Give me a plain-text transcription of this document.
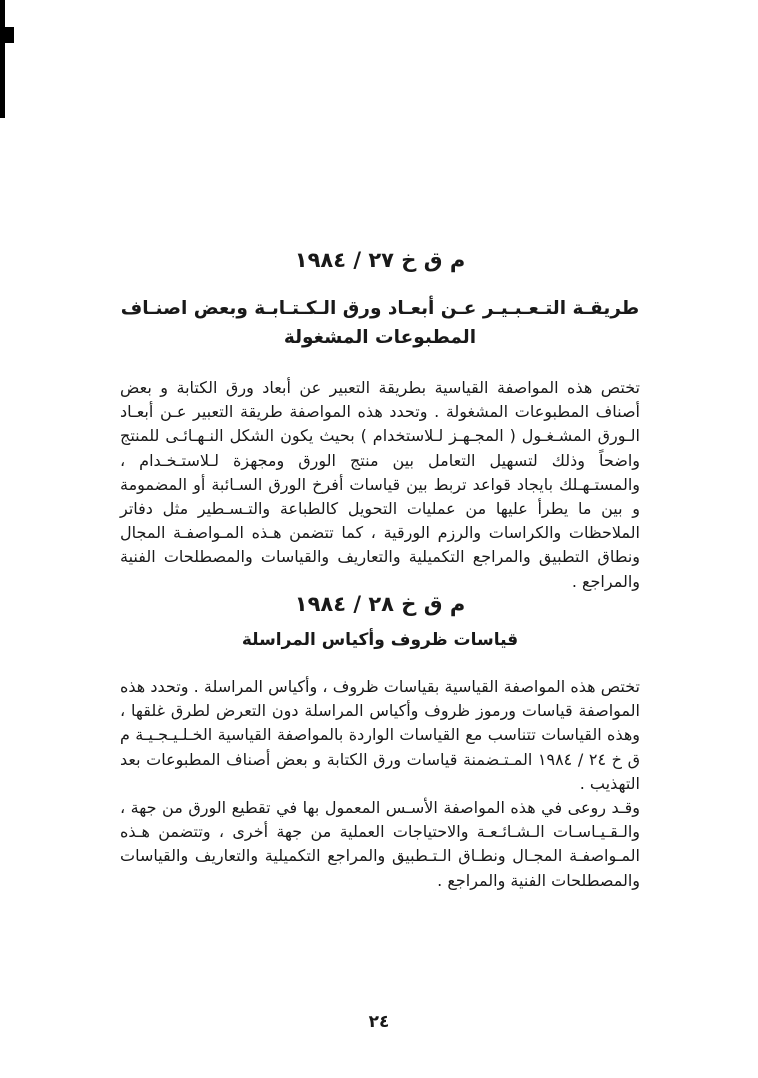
م ق خ ٢٧ / ١٩٨٤
طريقـة التـعـبـيـر عـن أبعـاد ورق الـكـتـابـة وبعض اصنـاف
المطبوعات المشغولة

تختص هذه المواصفة القياسية بطريقة التعبير عن أبعاد ورق الكتابة و بعض أصناف المطبوعات المشغولة . وتحدد هذه المواصفة طريقة التعبير عـن أبعـاد الـورق المشـغـول ( المجـهـز لـلاستخدام ) بحيث يكون الشكل النـهـائـى للمنتج واضحاً وذلك لتسهيل التعامل بين منتج الورق ومجهزة لـلاستـخـدام ، والمستـهـلك بايجاد قواعد تربط بين قياسات أفرخ الورق السـائبة أو المضمومة و بين ما يطرأ عليها من عمليات التحويل كالطباعة والتـسـطير مثل دفاتر الملاحظات والكراسات والرزم الورقية ، كما تتضمن هـذه المـواصفـة المجال ونطاق التطبيق والمراجع التكميلية والتعاريف والقياسات والمصطلحات الفنية والمراجع .

م ق خ ٢٨ / ١٩٨٤
قياسات ظروف وأكياس المراسلة

تختص هذه المواصفة القياسية بقياسات ظروف ، وأكياس المراسلة . وتحدد هذه المواصفة قياسات ورموز ظروف وأكياس المراسلة دون التعرض لطرق غلقها ، وهذه القياسات تتناسب مع القياسات الواردة بالمواصفة القياسية الخـلـيـجـيـة م ق خ ٢٤ / ١٩٨٤ المـتـضمنة قياسات ورق الكتابة و بعض أصناف المطبوعات بعد التهذيب .

وقـد روعى في هذه المواصفة الأسـس المعمول بها في تقطيع الورق من جهة ، والـقـيـاسـات الـشـائـعـة والاحتياجات العملية من جهة أخرى ، وتتضمن هـذه المـواصفـة المجـال ونطـاق الـتـطبيق والمراجع التكميلية والتعاريف والقياسات والمصطلحات الفنية والمراجع .

٢٤
